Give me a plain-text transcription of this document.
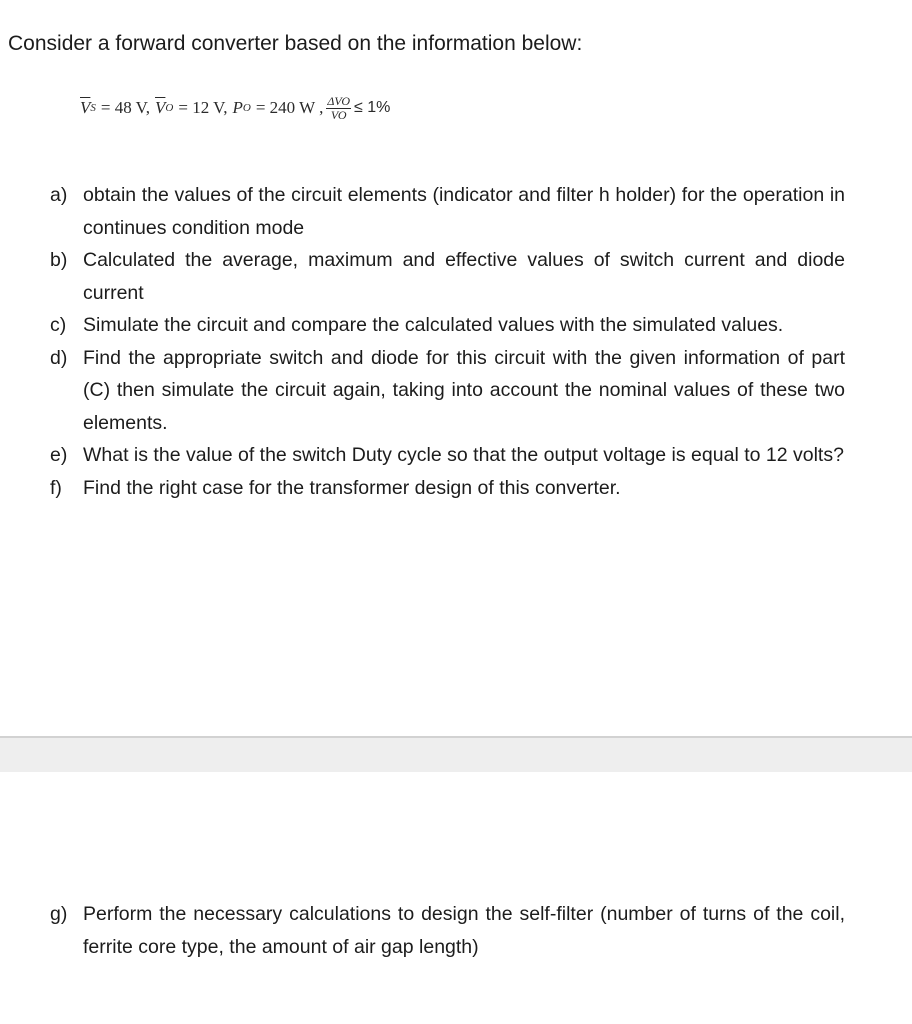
Consider a forward converter based on the information below:
$\overline{V}$ S = 48 V, $\overline{V}$ O = 12 V, P O = 240 W , $\frac{\text{ΔVO}}{VO} \le 1\%$
a) obtain the values of the circuit elements (indicator and filter h holder) for the operation in continues condition mode
b) Calculated the average, maximum and effective values of switch current and diode current
c) Simulate the circuit and compare the calculated values with the simulated values.
d) Find the appropriate switch and diode for this circuit with the given information of part (C) then simulate the circuit again, taking into account the nominal values of these two elements.
e) What is the value of the switch Duty cycle so that the output voltage is equal to 12 volts?
f)	Find the right case for the transformer design of this converter.
g) Perform the necessary calculations to design the self-filter (number of turns of the coil, ferrite core type, the amount of air gap length)
